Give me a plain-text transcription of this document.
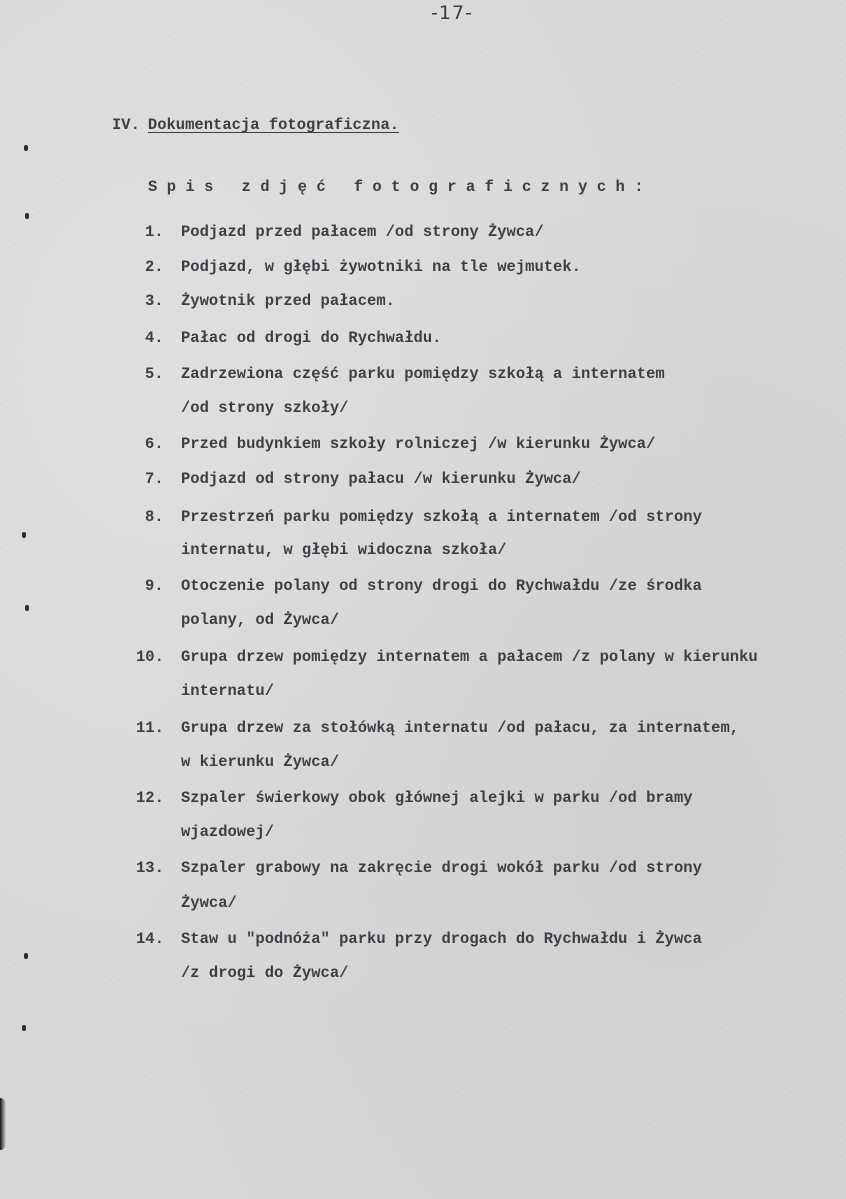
-17-
IV. Dokumentacja fotograficzna.
Spis zdjęć fotograficznych:
1. Podjazd przed pałacem /od strony Żywca/
2. Podjazd, w głębi żywotniki na tle wejmutek.
3. Żywotnik przed pałacem.
4. Pałac od drogi do Rychwałdu.
5. Zadrzewiona część parku pomiędzy szkołą a internatem
/od strony szkoły/
6. Przed budynkiem szkoły rolniczej /w kierunku Żywca/
7. Podjazd od strony pałacu /w kierunku Żywca/
8. Przestrzeń parku pomiędzy szkołą a internatem /od strony
internatu, w głębi widoczna szkoła/
9. Otoczenie polany od strony drogi do Rychwałdu /ze środka
polany, od Żywca/
10. Grupa drzew pomiędzy internatem a pałacem /z polany w kierunku
internatu/
11. Grupa drzew za stołówką internatu /od pałacu, za internatem,
w kierunku Żywca/
12. Szpaler świerkowy obok głównej alejki w parku /od bramy
wjazdowej/
13. Szpaler grabowy na zakręcie drogi wokół parku /od strony
Żywca/
14. Staw u "podnóża" parku przy drogach do Rychwałdu i Żywca
/z drogi do Żywca/
